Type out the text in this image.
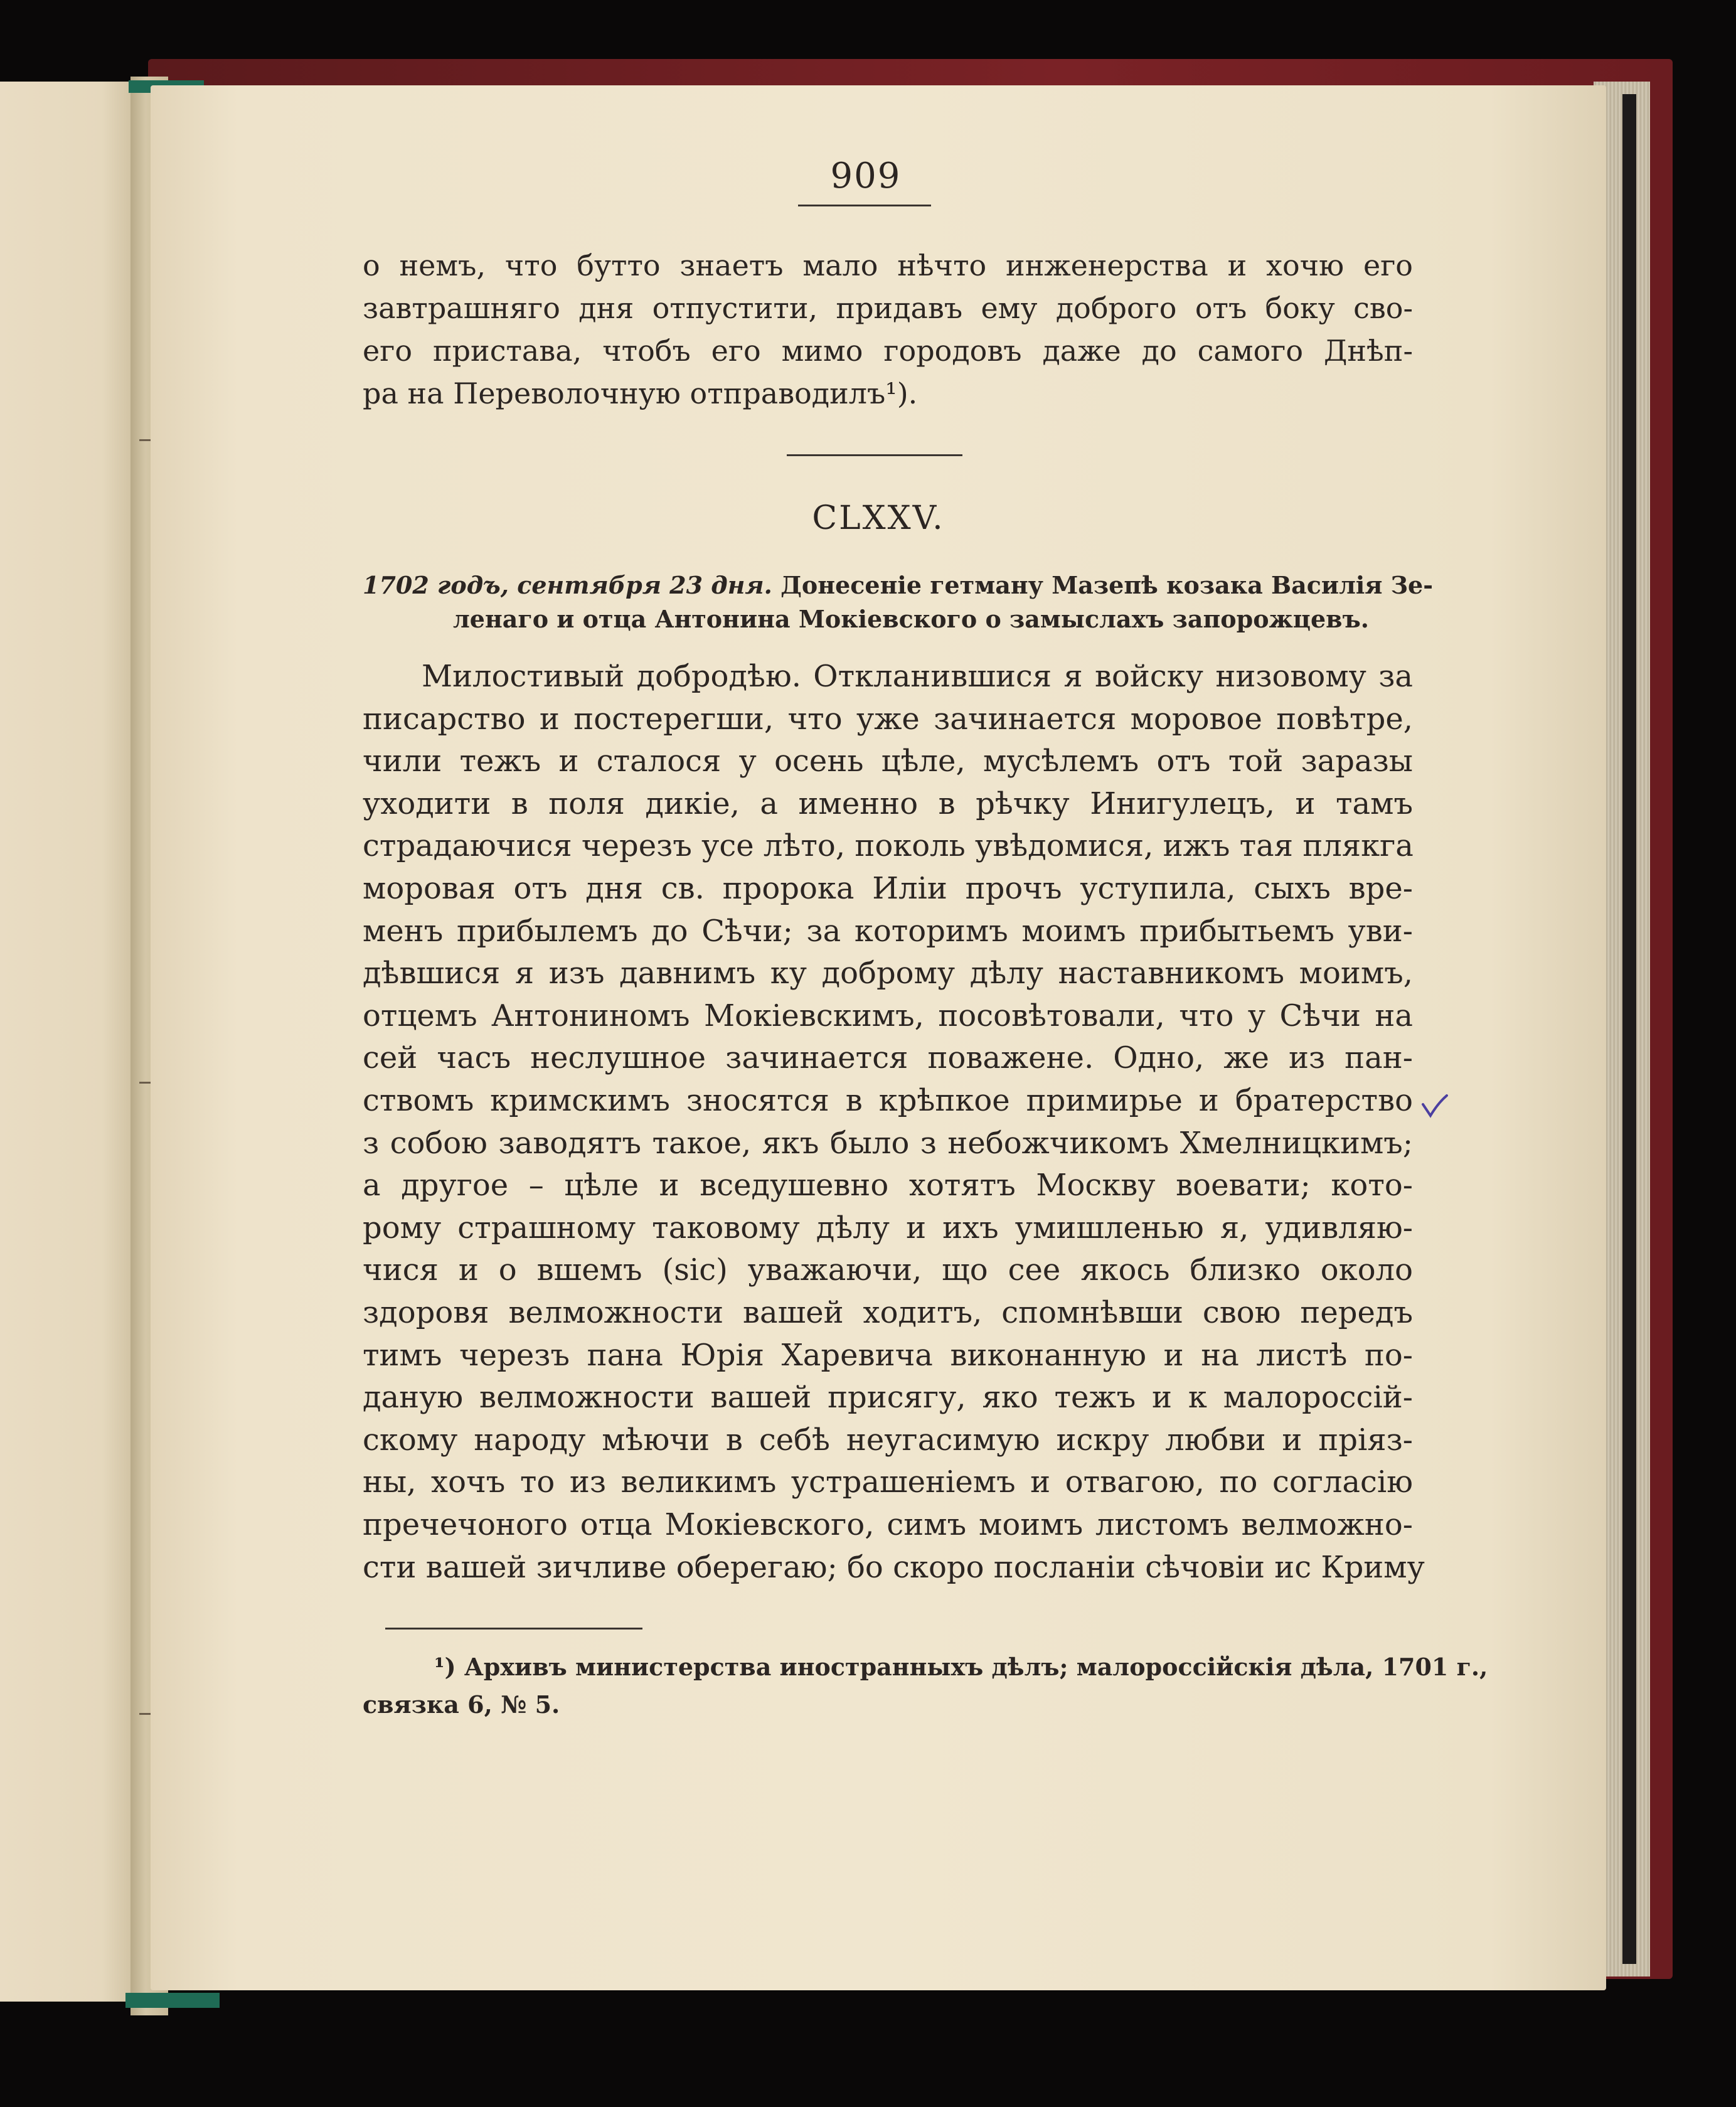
909
о немъ, что бутто знаетъ мало нѣчто инженерства и хочю его
завтрашняго дня отпустити, придавъ ему доброго отъ боку сво-
его пристава, чтобъ его мимо городовъ даже до самого Днѣп-
ра на Переволочную отправодилъ¹).
CLXXV.
1702 годъ, сентября 23 дня. Донесеніе гетману Мазепѣ козака Василія Зе-
ленаго и отца Антонина Мокіевского о замыслахъ запорожцевъ.
Милостивый добродѣю. Откланившися я войску низовому за
писарство и постерегши, что уже зачинается моровое повѣтре,
чили тежъ и сталося у осень цѣле, мусѣлемъ отъ той заразы
уходити в поля дикіе, а именно в рѣчку Инигулецъ, и тамъ
страдаючися черезъ усе лѣто, поколь увѣдомися, ижъ тая плякга
моровая отъ дня св. пророка Илiи прочъ уступила, сыхъ вре-
менъ прибылемъ до Сѣчи; за которимъ моимъ прибытьемъ уви-
дѣвшися я изъ давнимъ ку доброму дѣлу наставникомъ моимъ,
отцемъ Антониномъ Мокіевскимъ, посовѣтовали, что у Сѣчи на
сей часъ неслушное зачинается поважене. Одно, же из пан-
ствомъ кримскимъ зносятся в крѣпкое примирье и братерство
з собою заводятъ такое, якъ было з небожчикомъ Хмелницкимъ;
а другое – цѣле и вседушевно хотятъ Москву воевати; кото-
рому страшному таковому дѣлу и ихъ умишленью я, удивляю-
чися и о вшемъ (sic) уважаючи, що сее якось близко около
здоровя велможности вашей ходитъ, спомнѣвши свою передъ
тимъ черезъ пана Юрія Харевича виконанную и на листѣ по-
даную велможности вашей присягу, яко тежъ и к малороссій-
скому народу мѣючи в себѣ неугасимую искру любви и пріяз-
ны, хочъ то из великимъ устрашеніемъ и отвагою, по согласію
пречечоного отца Мокіевского, симъ моимъ листомъ велможно-
сти вашей зичливе оберегаю; бо скоро посланіи сѣчовіи ис Криму
¹) Архивъ министерства иностранныхъ дѣлъ; малороссійскія дѣла, 1701 г.,
связка 6, № 5.
